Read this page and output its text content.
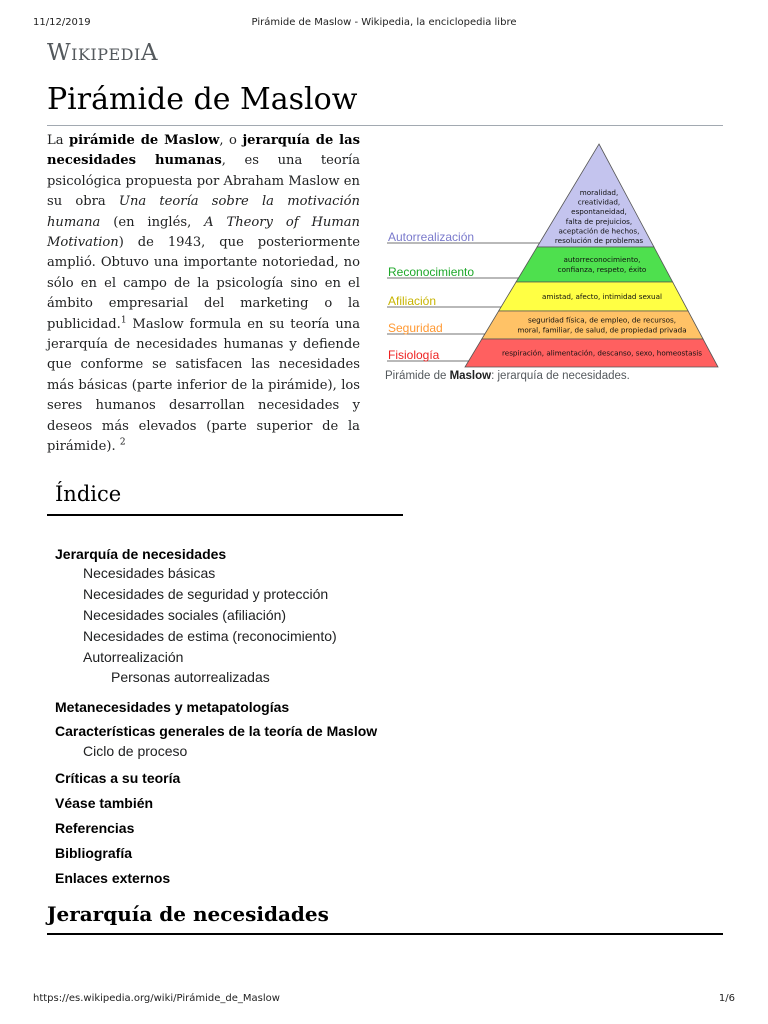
11/12/2019	Pirámide de Maslow - Wikipedia, la enciclopedia libre
WIKIPEDIA
Pirámide de Maslow

La pirámide de Maslow, o jerarquía de las necesidades humanas, es una teoría psicológica propuesta por Abraham Maslow en su obra Una teoría sobre la motivación humana (en inglés, A Theory of Human Motivation) de 1943, que posteriormente amplió. Obtuvo una importante notoriedad, no sólo en el campo de la psicología sino en el ámbito empresarial del marketing o la publicidad.$^1$ Maslow formula en su teoría una jerarquía de necesidades humanas y defiende que conforme se satisfacen las necesidades más básicas (parte inferior de la pirámide), los seres humanos desarrollan necesidades y deseos más elevados (parte superior de la pirámide). $^2$

Autorrealización
moralidad,
creatividad,
espontaneidad,
falta de prejuicios,
aceptación de hechos,
resolución de problemas
Reconocimiento
autorreconocimiento,
confianza, respeto, éxito
Afiliación	amistad, afecto, intimidad sexual
Seguridad
seguridad física, de empleo, de recursos,
moral, familiar, de salud, de propiedad privada
Fisiología	respiración, alimentación, descanso, sexo, homeostasis
Pirámide de Maslow: jerarquía de necesidades.
Índice
Jerarquía de necesidades
Necesidades básicas
Necesidades de seguridad y protección
Necesidades sociales (afiliación)
Necesidades de estima (reconocimiento)
Autorrealización
Personas autorrealizadas
Metanecesidades y metapatologías
Características generales de la teoría de Maslow
Ciclo de proceso
Críticas a su teoría
Véase también
Referencias
Bibliografía
Enlaces externos
Jerarquía de necesidades
https://es.wikipedia.org/wiki/Pirámide_de_Maslow	1/6
